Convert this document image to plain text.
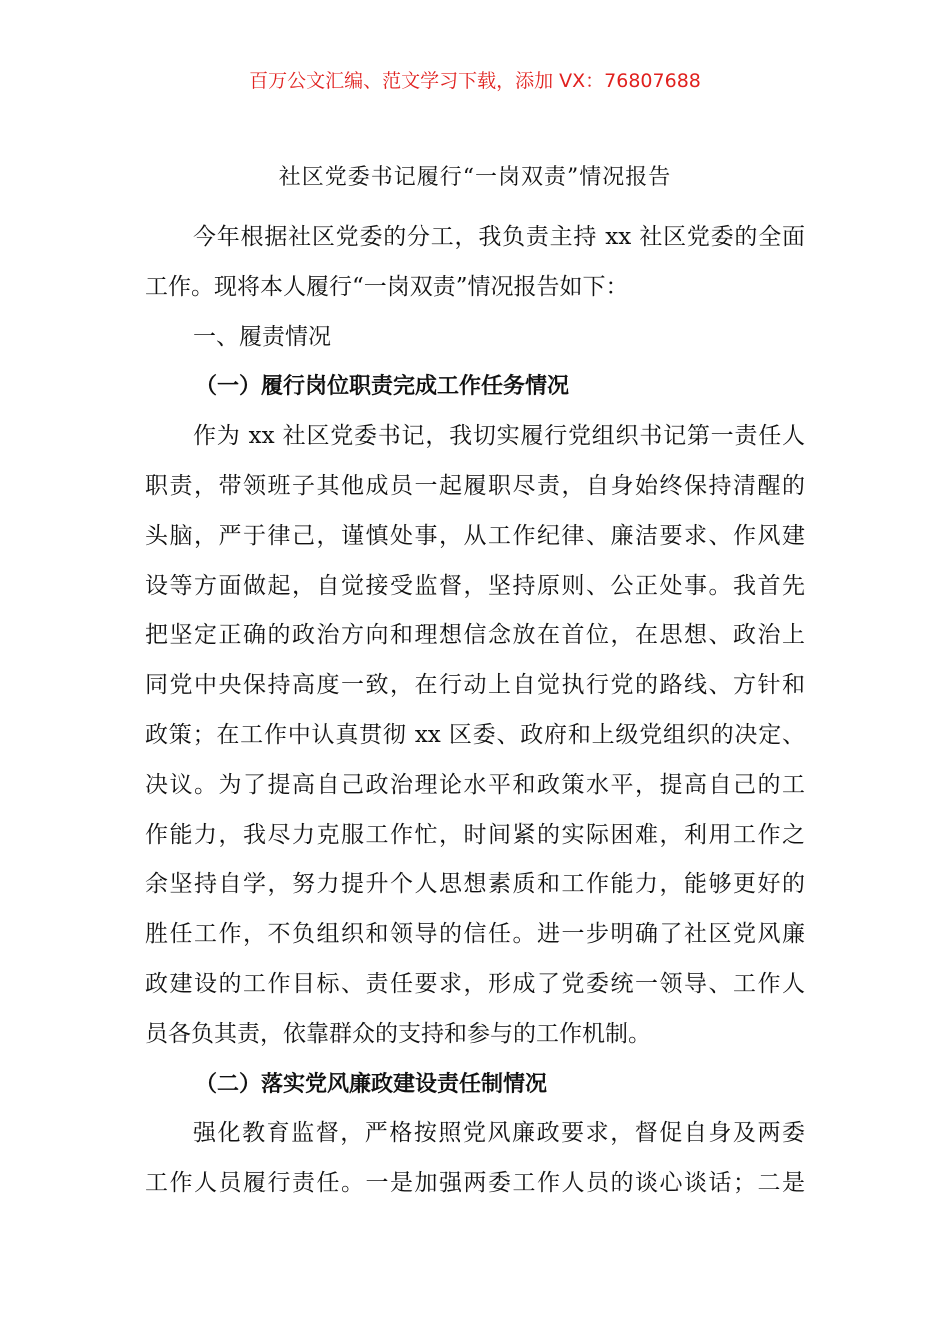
百万公文汇编、范文学习下载，添加 VX：76807688
社区党委书记履行“一岗双责”情况报告
今年根据社区党委的分工，我负责主持 xx 社区党委的全面
工作。现将本人履行“一岗双责”情况报告如下：
一、履责情况
（一）履行岗位职责完成工作任务情况
作为 xx 社区党委书记，我切实履行党组织书记第一责任人
职责，带领班子其他成员一起履职尽责，自身始终保持清醒的
头脑，严于律己，谨慎处事，从工作纪律、廉洁要求、作风建
设等方面做起，自觉接受监督，坚持原则、公正处事。我首先
把坚定正确的政治方向和理想信念放在首位，在思想、政治上
同党中央保持高度一致，在行动上自觉执行党的路线、方针和
政策；在工作中认真贯彻 xx 区委、政府和上级党组织的决定、
决议。为了提高自己政治理论水平和政策水平，提高自己的工
作能力，我尽力克服工作忙，时间紧的实际困难，利用工作之
余坚持自学，努力提升个人思想素质和工作能力，能够更好的
胜任工作，不负组织和领导的信任。进一步明确了社区党风廉
政建设的工作目标、责任要求，形成了党委统一领导、工作人
员各负其责，依靠群众的支持和参与的工作机制。
（二）落实党风廉政建设责任制情况
强化教育监督，严格按照党风廉政要求，督促自身及两委
工作人员履行责任。一是加强两委工作人员的谈心谈话；二是
